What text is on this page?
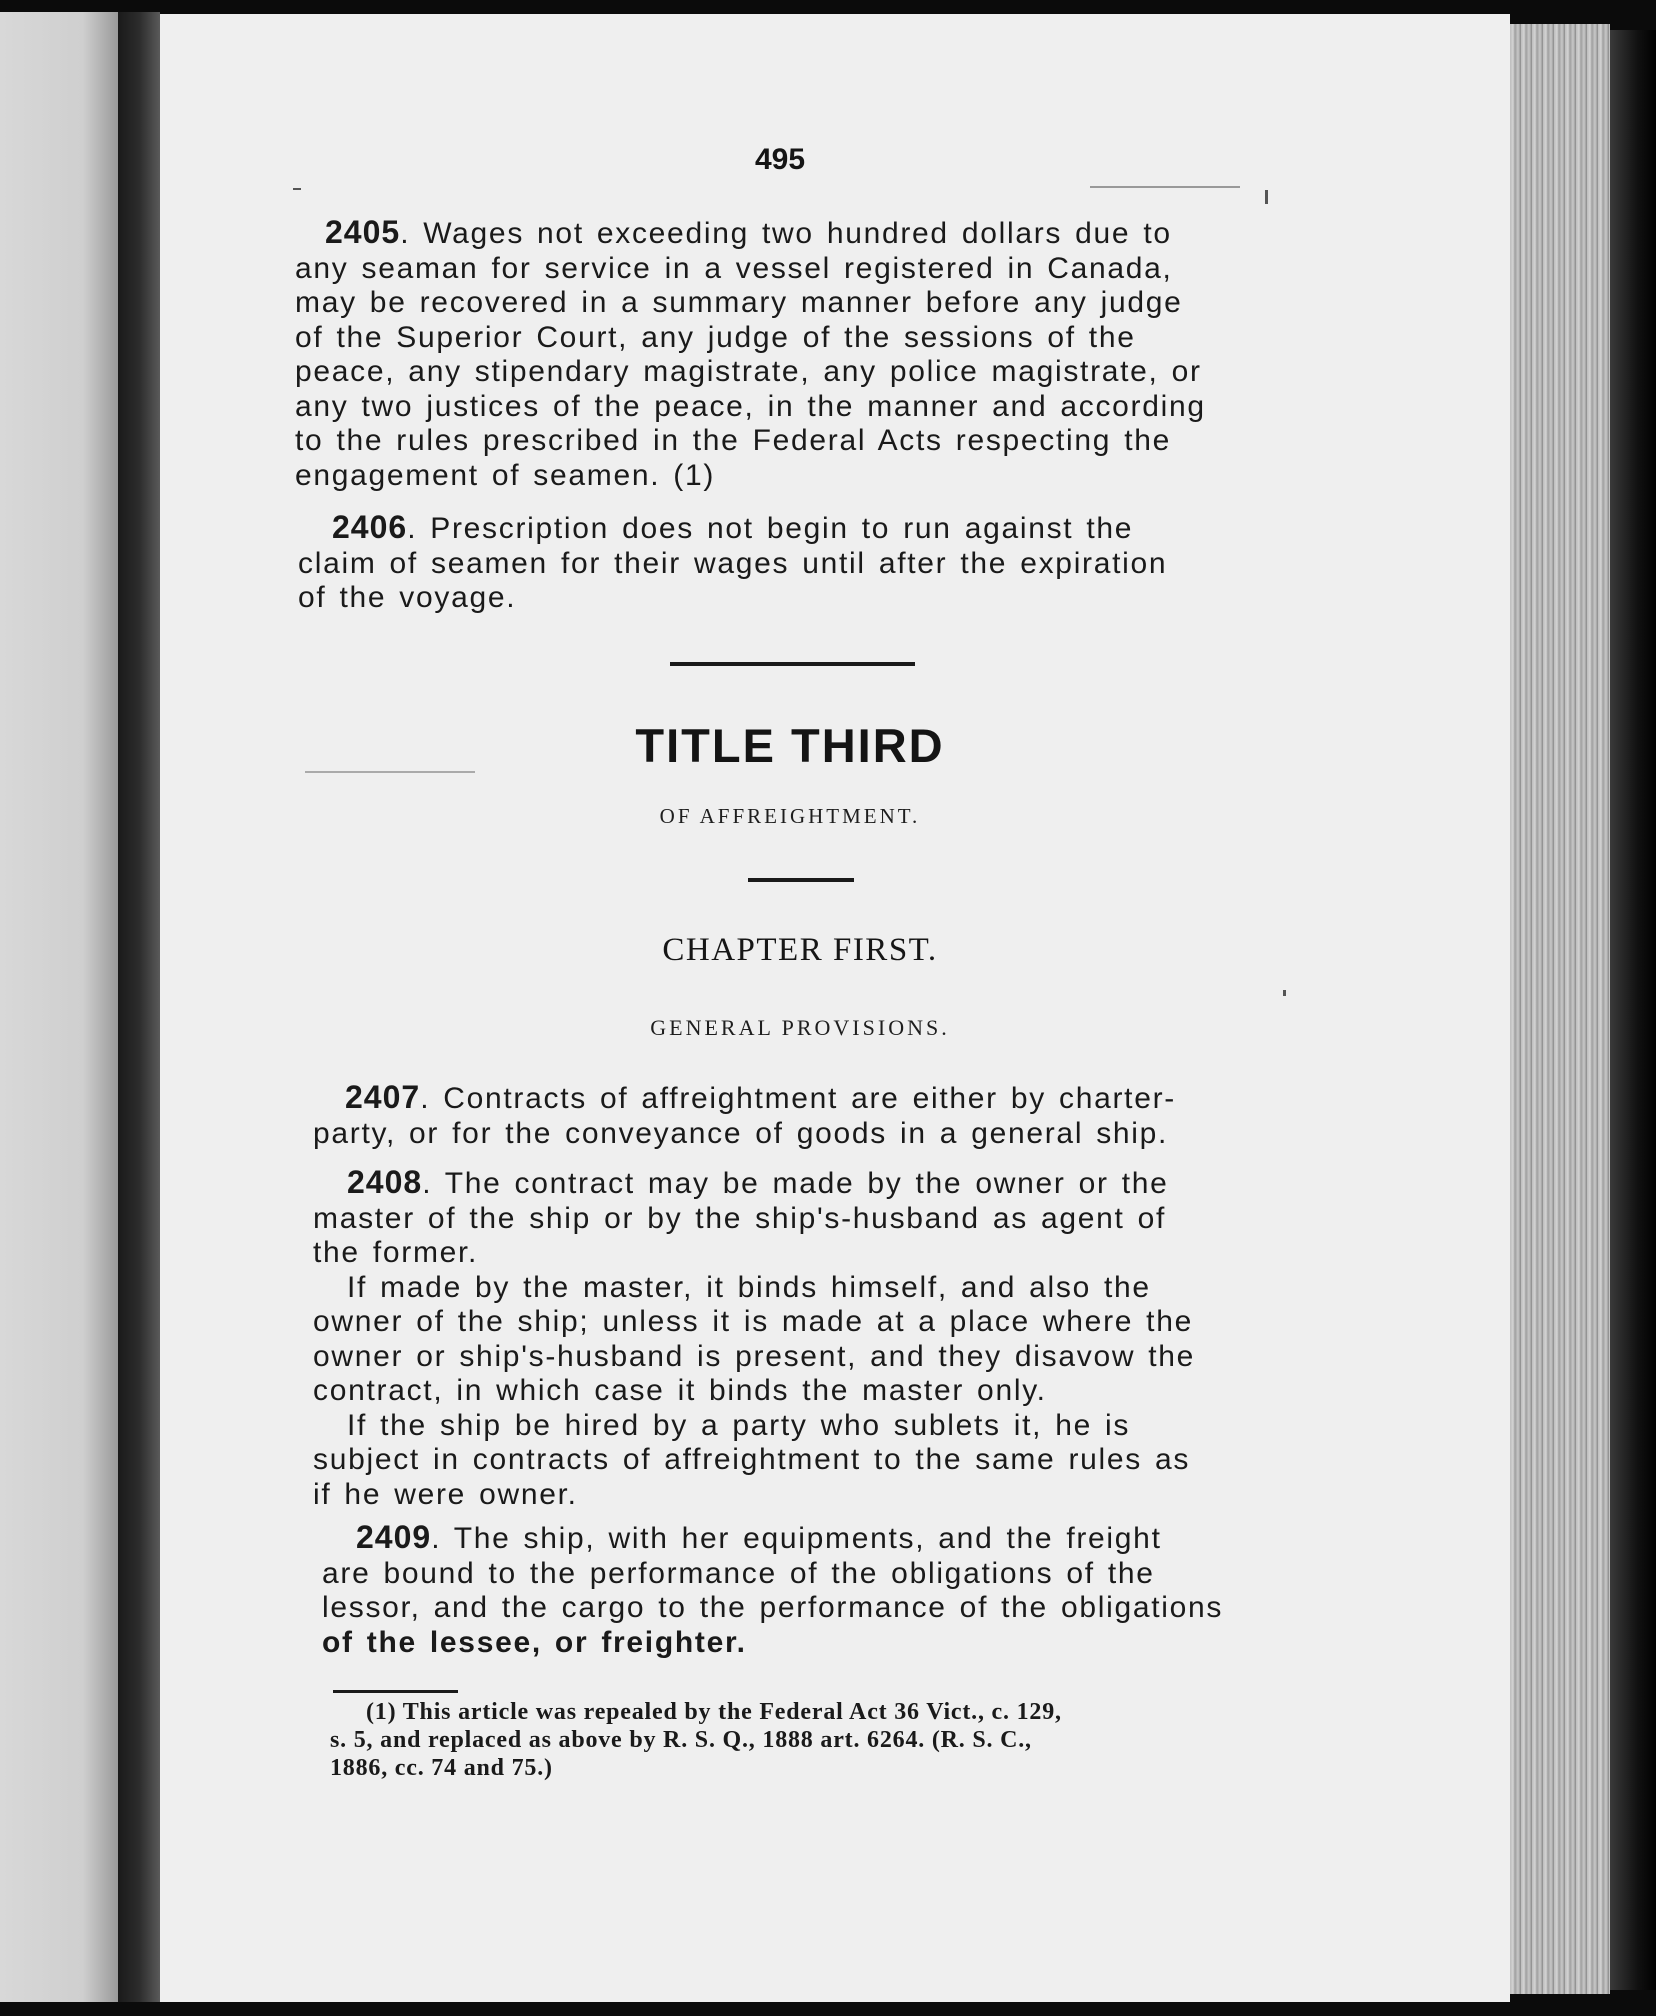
495
2405. Wages not exceeding two hundred dollars due to
any seaman for service in a vessel registered in Canada,
may be recovered in a summary manner before any judge
of the Superior Court, any judge of the sessions of the
peace, any stipendary magistrate, any police magistrate, or
any two justices of the peace, in the manner and according
to the rules prescribed in the Federal Acts respecting the
engagement of seamen. (1)
2406. Prescription does not begin to run against the
claim of seamen for their wages until after the expiration
of the voyage.
TITLE THIRD
OF AFFREIGHTMENT.
CHAPTER FIRST.
GENERAL PROVISIONS.
2407. Contracts of affreightment are either by charter-
party, or for the conveyance of goods in a general ship.
2408. The contract may be made by the owner or the
master of the ship or by the ship's-husband as agent of
the former.
If made by the master, it binds himself, and also the
owner of the ship; unless it is made at a place where the
owner or ship's-husband is present, and they disavow the
contract, in which case it binds the master only.
If the ship be hired by a party who sublets it, he is
subject in contracts of affreightment to the same rules as
if he were owner.
2409. The ship, with her equipments, and the freight
are bound to the performance of the obligations of the
lessor, and the cargo to the performance of the obligations
of the lessee, or freighter.
(1) This article was repealed by the Federal Act 36 Vict., c. 129,
s. 5, and replaced as above by R. S. Q., 1888 art. 6264. (R. S. C.,
1886, cc. 74 and 75.)
